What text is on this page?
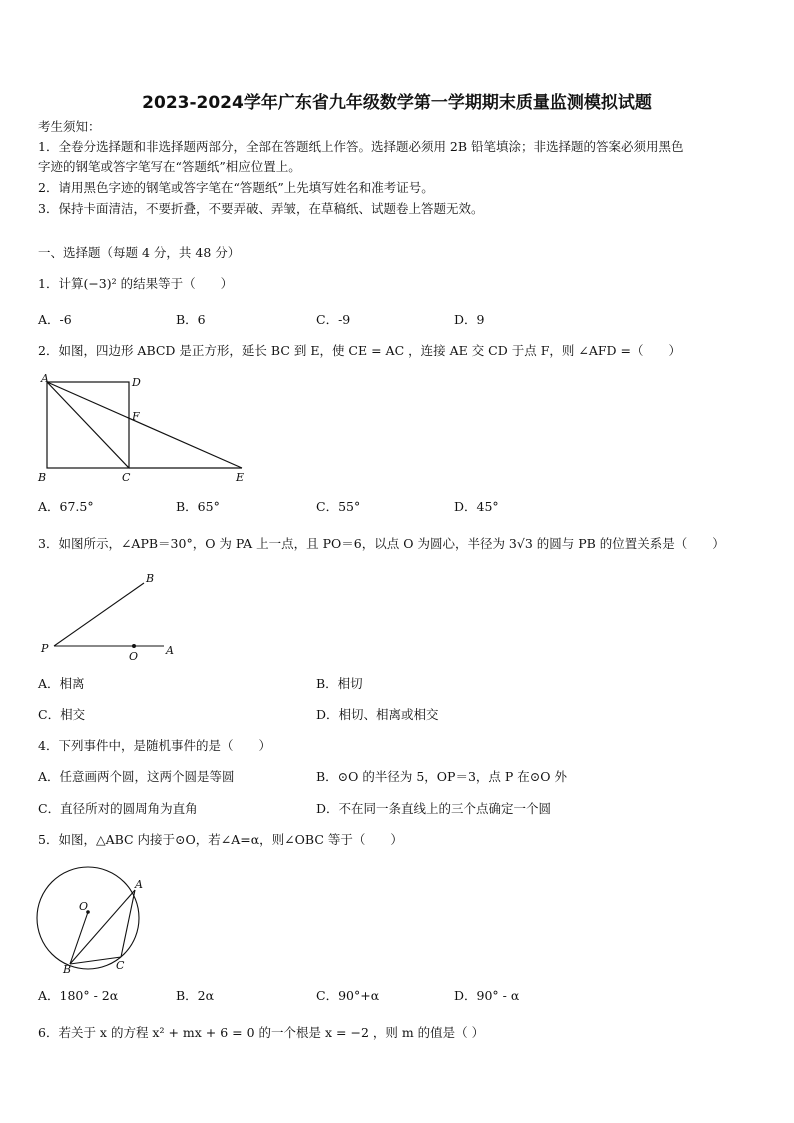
2023-2024学年广东省九年级数学第一学期期末质量监测模拟试题
考生须知：
1．全卷分选择题和非选择题两部分，全部在答题纸上作答。选择题必须用 2B 铅笔填涂；非选择题的答案必须用黑色
字迹的钢笔或答字笔写在“答题纸”相应位置上。
2．请用黑色字迹的钢笔或答字笔在“答题纸”上先填写姓名和准考证号。
3．保持卡面清洁，不要折叠，不要弄破、弄皱，在草稿纸、试题卷上答题无效。
一、选择题（每题 4 分，共 48 分）
1．计算(−3)² 的结果等于（　　）
A．-6	B．6	C．-9	D．9
2．如图，四边形 ABCD 是正方形，延长 BC 到 E，使 CE = AC ，连接 AE 交 CD 于点 F，则 ∠AFD =（　　）
A	D
F
B	C	E
A．67.5°	B．65°	C．55°	D．45°
3．如图所示，∠APB＝30°，O 为 PA 上一点，且 PO＝6，以点 O 为圆心，半径为 3√3 的圆与 PB 的位置关系是（　　）
B
P
O	A
A．相离	B．相切
C．相交	D．相切、相离或相交
4．下列事件中，是随机事件的是（　　）
A．任意画两个圆，这两个圆是等圆	B．⊙O 的半径为 5，OP＝3，点 P 在⊙O 外
C．直径所对的圆周角为直角	D．不在同一条直线上的三个点确定一个圆
5．如图，△ABC 内接于⊙O，若∠A=α，则∠OBC 等于（　　）
O
A
B	C
A．180° - 2α	B．2α	C．90°+α	D．90° - α
6．若关于 x 的方程 x² + mx + 6 = 0 的一个根是 x = −2 ，则 m 的值是（ ）
